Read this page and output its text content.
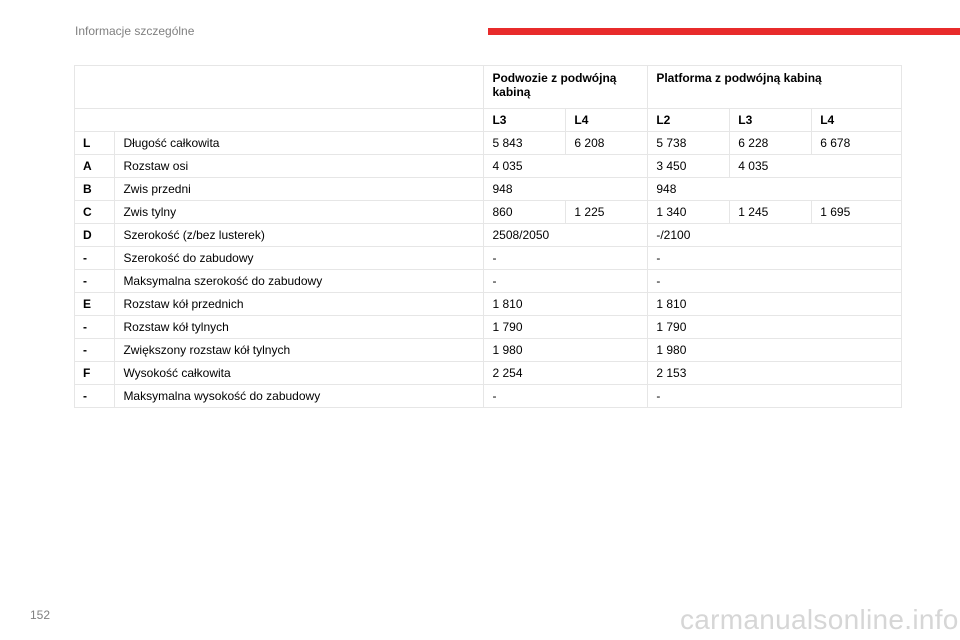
Informacje szczególne
		Podwozie z podwójną kabiną		Platforma z podwójną kabiną		
		L3	L4	L2	L3	L4
L	Długość całkowita	5 843	6 208	5 738	6 228	6 678
A	Rozstaw osi	4 035		3 450	4 035	
B	Zwis przedni	948		948		
C	Zwis tylny	860	1 225	1 340	1 245	1 695
D	Szerokość (z/bez lusterek)	2508/2050		-/2100		
-	Szerokość do zabudowy	-		-		
-	Maksymalna szerokość do zabudowy	-		-		
E	Rozstaw kół przednich	1 810		1 810		
-	Rozstaw kół tylnych	1 790		1 790		
-	Zwiększony rozstaw kół tylnych	1 980		1 980		
F	Wysokość całkowita	2 254		2 153		
-	Maksymalna wysokość do zabudowy	-		-		
152	carmanualsonline.info
